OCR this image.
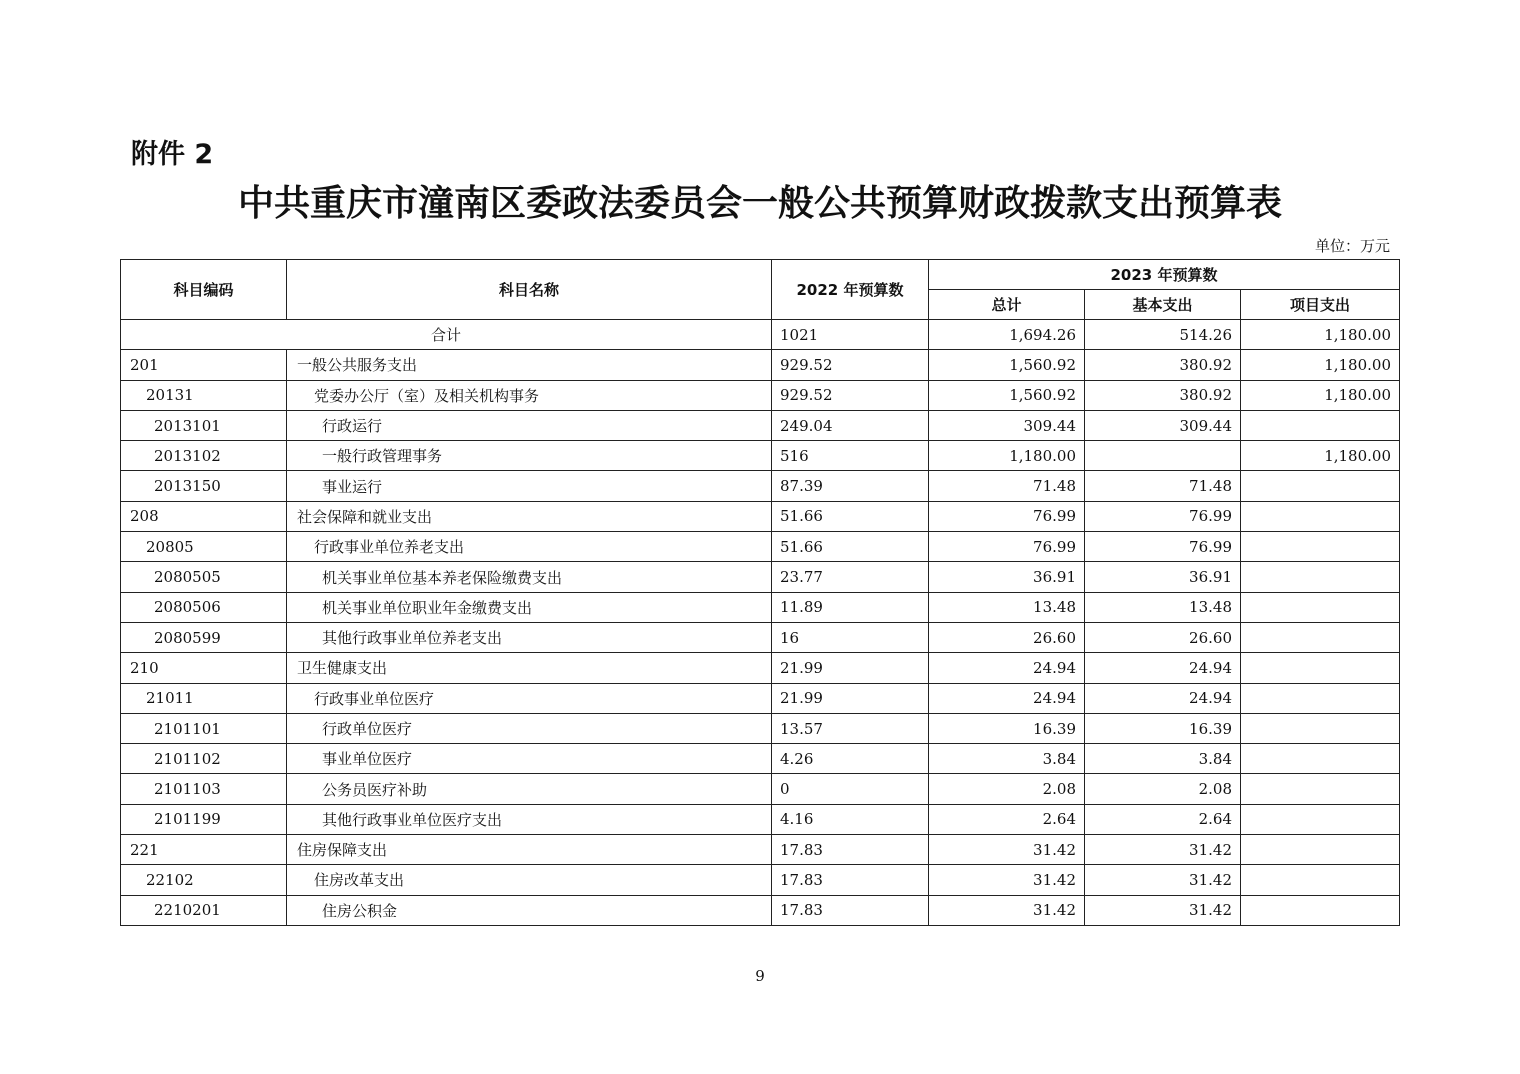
附件 2
中共重庆市潼南区委政法委员会一般公共预算财政拨款支出预算表
单位：万元
科目编码	科目名称	2022 年预算数	2023 年预算数		
			总计	基本支出	项目支出
合计		1021	1,694.26	514.26	1,180.00
201	一般公共服务支出	929.52	1,560.92	380.92	1,180.00
20131	党委办公厅（室）及相关机构事务	929.52	1,560.92	380.92	1,180.00
2013101	行政运行	249.04	309.44	309.44	
2013102	一般行政管理事务	516	1,180.00		1,180.00
2013150	事业运行	87.39	71.48	71.48	
208	社会保障和就业支出	51.66	76.99	76.99	
20805	行政事业单位养老支出	51.66	76.99	76.99	
2080505	机关事业单位基本养老保险缴费支出	23.77	36.91	36.91	
2080506	机关事业单位职业年金缴费支出	11.89	13.48	13.48	
2080599	其他行政事业单位养老支出	16	26.60	26.60	
210	卫生健康支出	21.99	24.94	24.94	
21011	行政事业单位医疗	21.99	24.94	24.94	
2101101	行政单位医疗	13.57	16.39	16.39	
2101102	事业单位医疗	4.26	3.84	3.84	
2101103	公务员医疗补助	0	2.08	2.08	
2101199	其他行政事业单位医疗支出	4.16	2.64	2.64	
221	住房保障支出	17.83	31.42	31.42	
22102	住房改革支出	17.83	31.42	31.42	
2210201	住房公积金	17.83	31.42	31.42	
9
